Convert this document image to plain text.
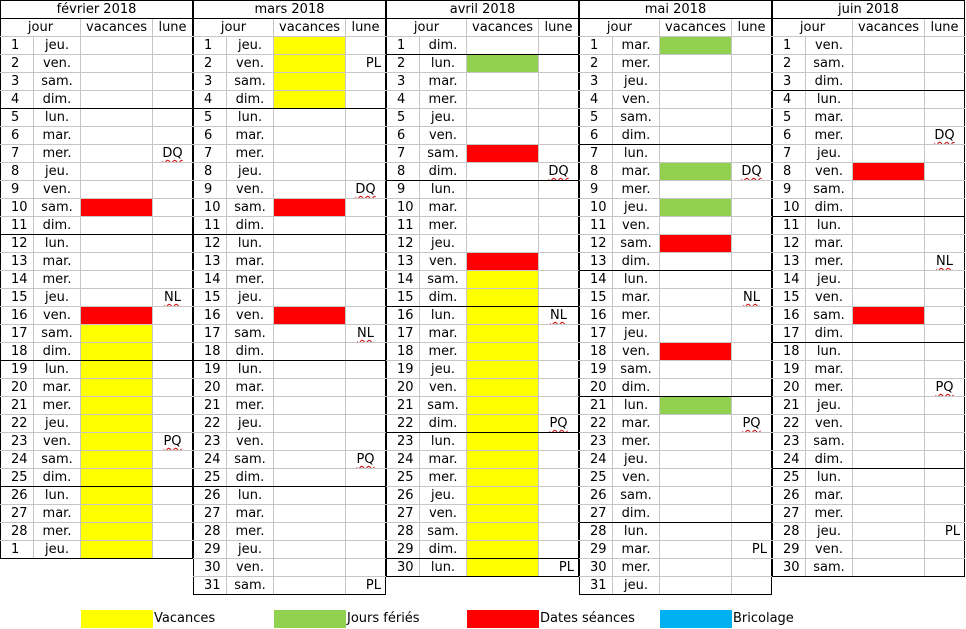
février 2018			
jour		vacances	lune
1	jeu.		
2	ven.		
3	sam.		
4	dim.		
5	lun.		
6	mar.		
7	mer.		DQ
8	jeu.		
9	ven.		
10	sam.		
11	dim.		
12	lun.		
13	mar.		
14	mer.		
15	jeu.		NL
16	ven.		
17	sam.		
18	dim.		
19	lun.		
20	mar.		
21	mer.		
22	jeu.		
23	ven.		PQ
24	sam.		
25	dim.		
26	lun.		
27	mar.		
28	mer.		
1	jeu.		
mars 2018			
jour		vacances	lune
1	jeu.		
2	ven.		PL
3	sam.		
4	dim.		
5	lun.		
6	mar.		
7	mer.		
8	jeu.		
9	ven.		DQ
10	sam.		
11	dim.		
12	lun.		
13	mar.		
14	mer.		
15	jeu.		
16	ven.		
17	sam.		NL
18	dim.		
19	lun.		
20	mar.		
21	mer.		
22	jeu.		
23	ven.		
24	sam.		PQ
25	dim.		
26	lun.		
27	mar.		
28	mer.		
29	jeu.		
30	ven.		
31	sam.		PL
avril 2018			
jour		vacances	lune
1	dim.		
2	lun.		
3	mar.		
4	mer.		
5	jeu.		
6	ven.		
7	sam.		
8	dim.		DQ
9	lun.		
10	mar.		
11	mer.		
12	jeu.		
13	ven.		
14	sam.		
15	dim.		
16	lun.		NL
17	mar.		
18	mer.		
19	jeu.		
20	ven.		
21	sam.		
22	dim.		PQ
23	lun.		
24	mar.		
25	mer.		
26	jeu.		
27	ven.		
28	sam.		
29	dim.		
30	lun.		PL
mai 2018			
jour		vacances	lune
1	mar.		
2	mer.		
3	jeu.		
4	ven.		
5	sam.		
6	dim.		
7	lun.		
8	mar.		DQ
9	mer.		
10	jeu.		
11	ven.		
12	sam.		
13	dim.		
14	lun.		
15	mar.		NL
16	mer.		
17	jeu.		
18	ven.		
19	sam.		
20	dim.		
21	lun.		
22	mar.		PQ
23	mer.		
24	jeu.		
25	ven.		
26	sam.		
27	dim.		
28	lun.		
29	mar.		PL
30	mer.		
31	jeu.		
juin 2018			
jour		vacances	lune
1	ven.		
2	sam.		
3	dim.		
4	lun.		
5	mar.		
6	mer.		DQ
7	jeu.		
8	ven.		
9	sam.		
10	dim.		
11	lun.		
12	mar.		
13	mer.		NL
14	jeu.		
15	ven.		
16	sam.		
17	dim.		
18	lun.		
19	mar.		
20	mer.		PQ
21	jeu.		
22	ven.		
23	sam.		
24	dim.		
25	lun.		
26	mar.		
27	mer.		
28	jeu.		PL
29	ven.		
30	sam.		
Vacances	Jours fériés	Dates séances	Bricolage
